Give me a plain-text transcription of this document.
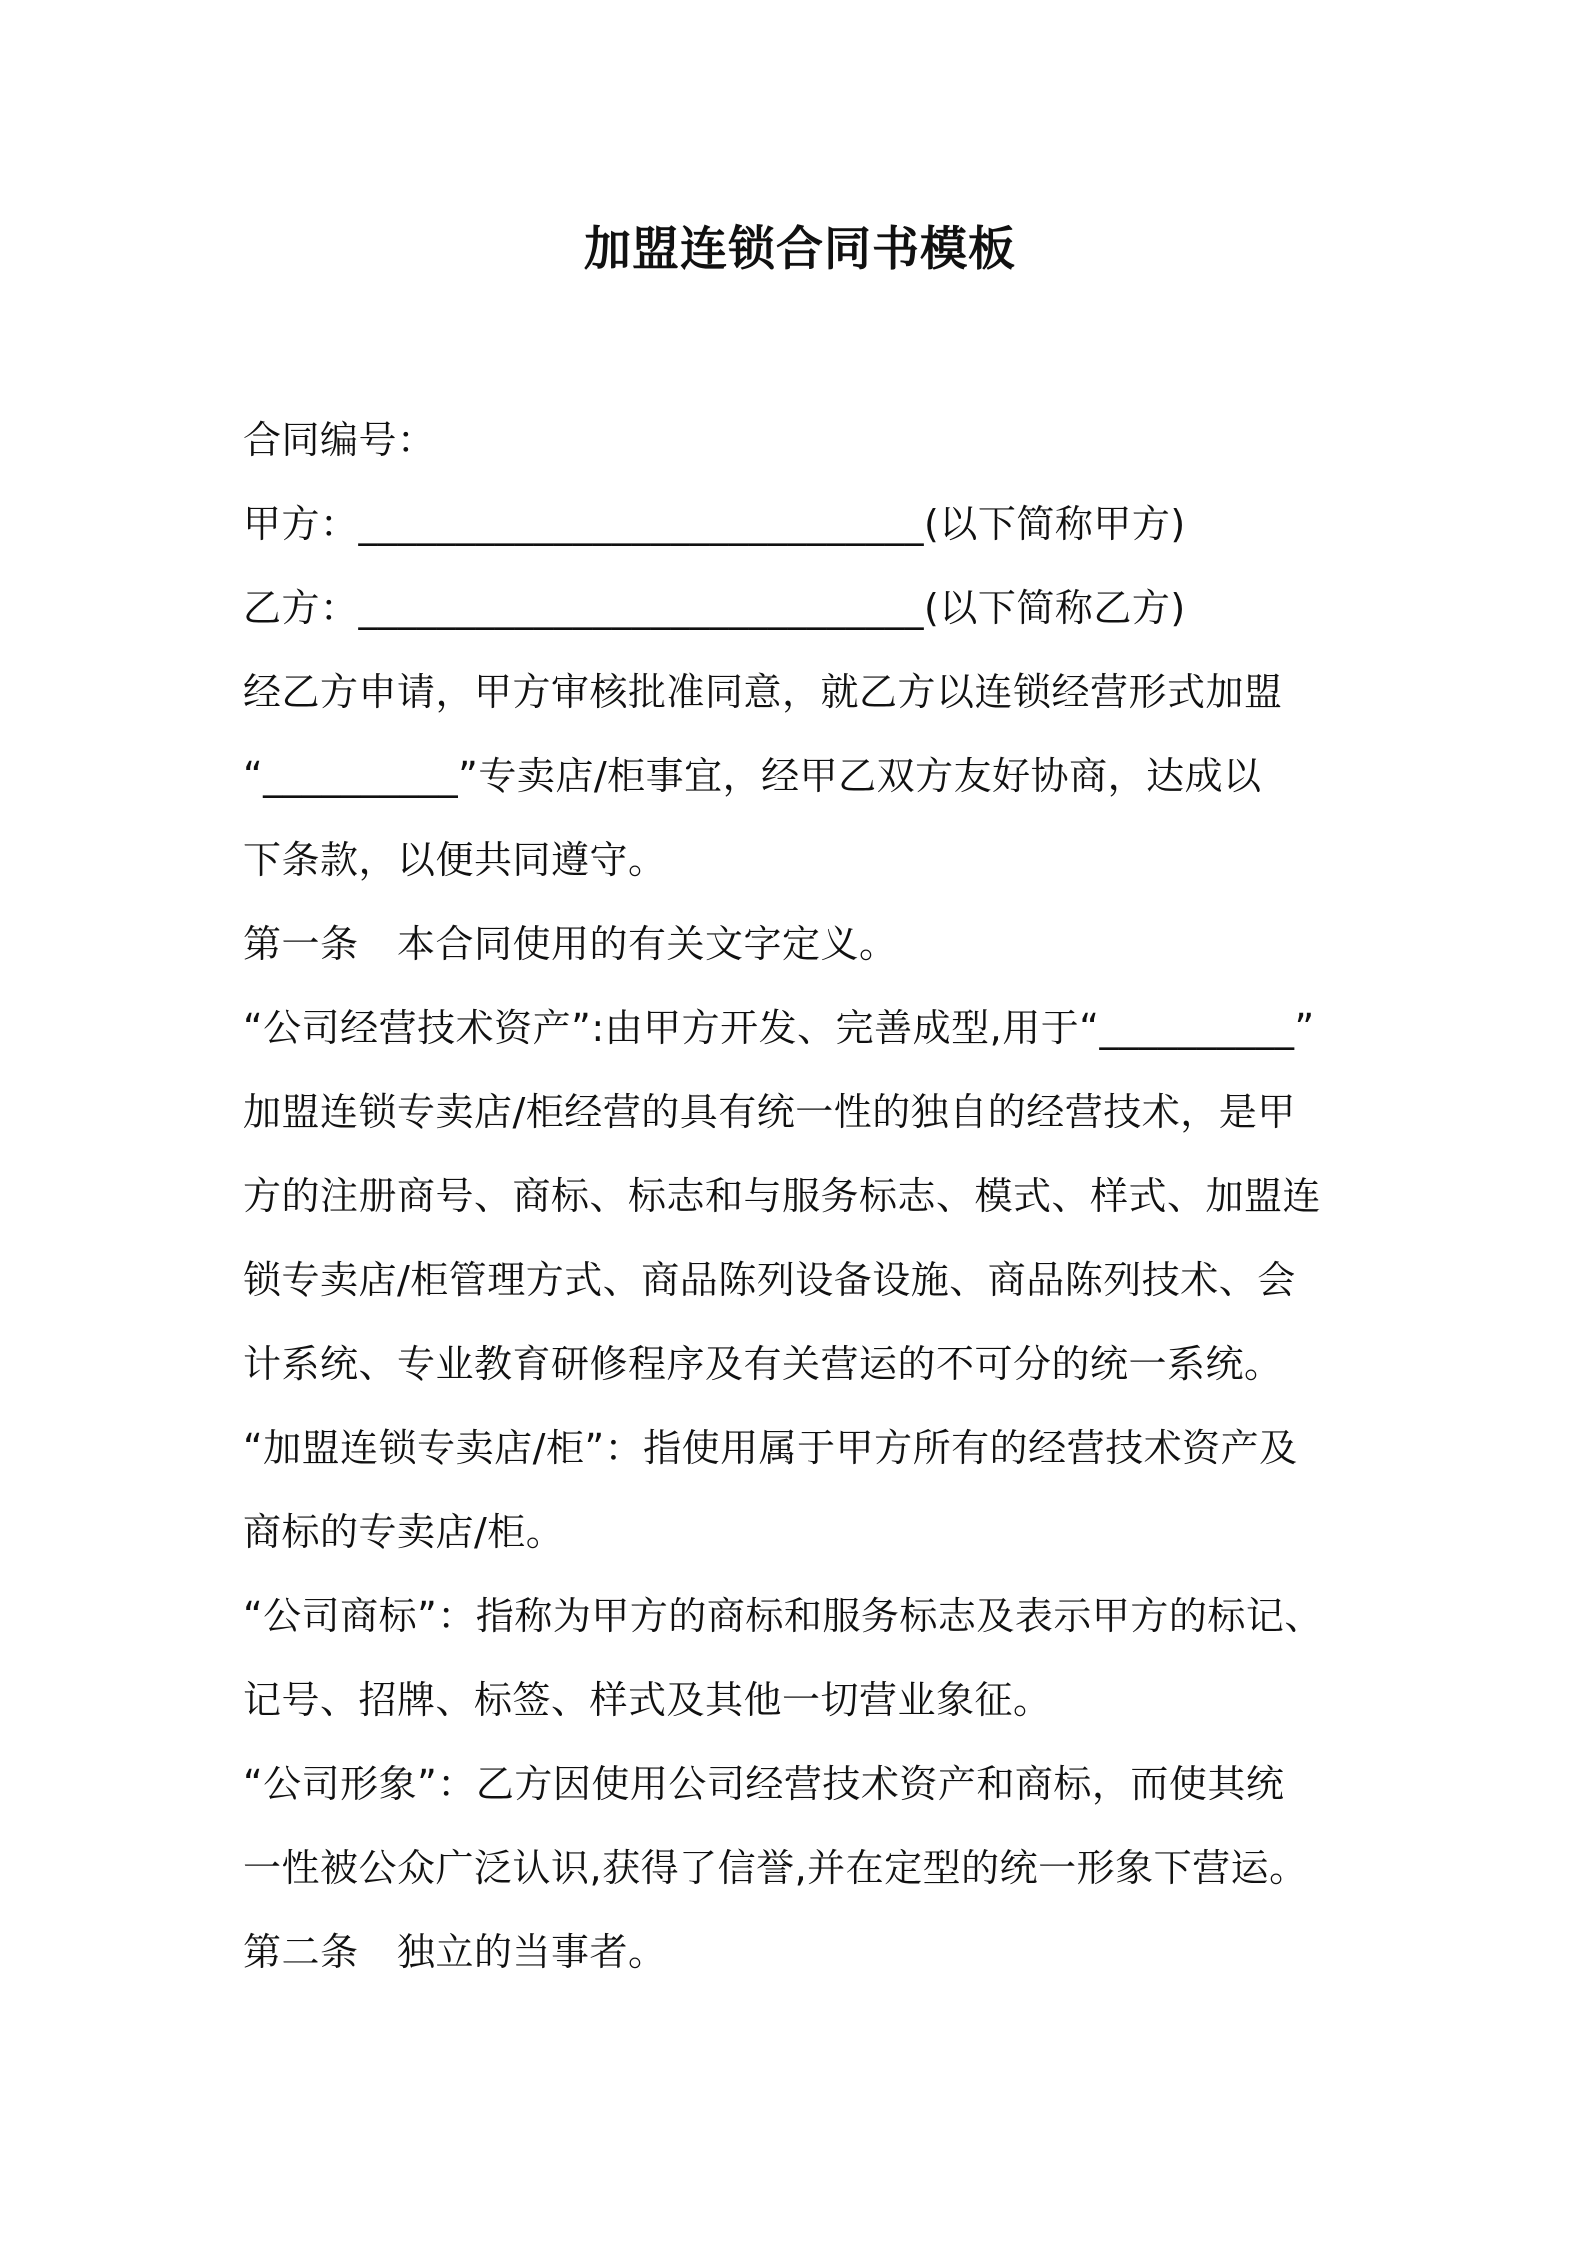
加盟连锁合同书模板
合同编号：
甲方：_____________________________(以下简称甲方)
乙方：_____________________________(以下简称乙方)
经乙方申请，甲方审核批准同意，就乙方以连锁经营形式加盟
“__________”专卖店/柜事宜，经甲乙双方友好协商，达成以
下条款，以便共同遵守。
第一条　本合同使用的有关文字定义。
“公司经营技术资产”:由甲方开发、完善成型,用于“__________”
加盟连锁专卖店/柜经营的具有统一性的独自的经营技术，是甲
方的注册商号、商标、标志和与服务标志、模式、样式、加盟连
锁专卖店/柜管理方式、商品陈列设备设施、商品陈列技术、会
计系统、专业教育研修程序及有关营运的不可分的统一系统。
“加盟连锁专卖店/柜”：指使用属于甲方所有的经营技术资产及
商标的专卖店/柜。
“公司商标”：指称为甲方的商标和服务标志及表示甲方的标记、
记号、招牌、标签、样式及其他一切营业象征。
“公司形象”：乙方因使用公司经营技术资产和商标，而使其统
一性被公众广泛认识,获得了信誉,并在定型的统一形象下营运。
第二条　独立的当事者。
